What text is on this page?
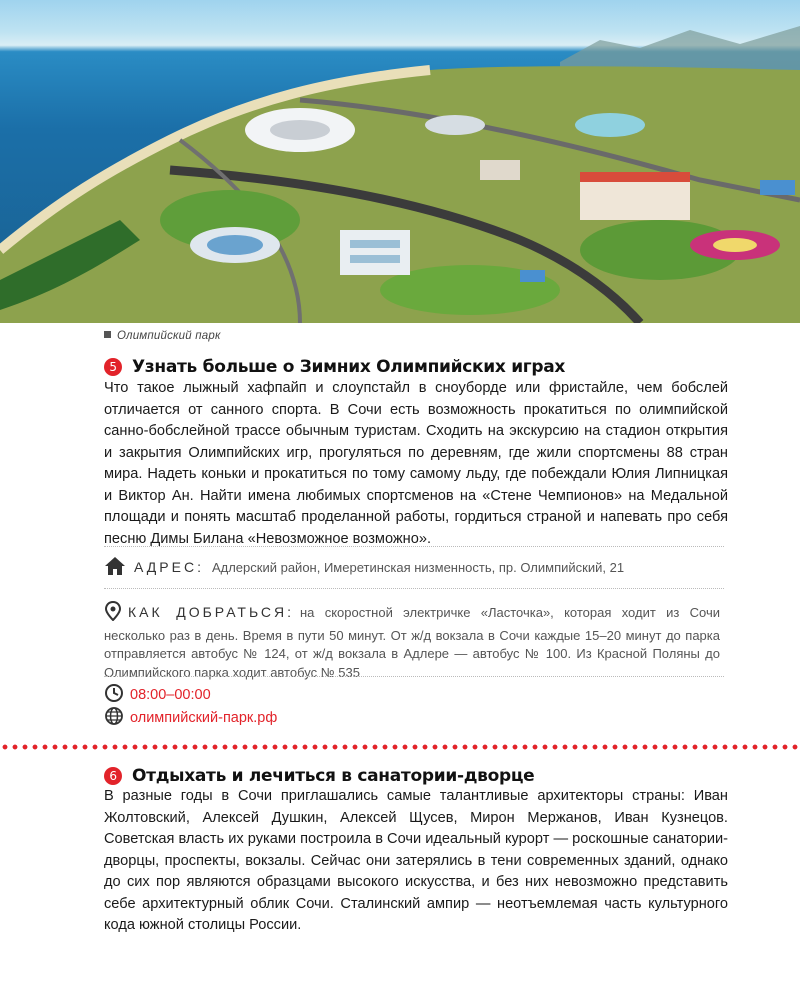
Олимпийский парк
5 Узнать больше о Зимних Олимпийских играх

Что такое лыжный хафпайп и слоупстайл в сноуборде или фристайле, чем бобслей отличается от санного спорта. В Сочи есть возможность прокатиться по олимпийской санно-бобслейной трассе обычным туристам. Сходить на экскурсию на стадион открытия и закрытия Олимпийских игр, прогуляться по деревням, где жили спортсмены 88 стран мира. Надеть коньки и прокатиться по тому самому льду, где побеждали Юлия Липницкая и Виктор Ан. Найти имена любимых спортсменов на «Стене Чемпионов» на Медальной площади и понять масштаб проделанной работы, гордиться страной и напевать про себя песню Димы Билана «Невозможное возможно».

АДРЕС: Адлерский район, Имеретинская низменность, пр. Олимпийский, 21
КАК ДОБРАТЬСЯ: на скоростной электричке «Ласточка», которая ходит из Сочи несколько раз в день. Время в пути 50 минут. От ж/д вокзала в Сочи каждые 15–20 минут до парка отправляется автобус № 124, от ж/д вокзала в Адлере — автобус № 100. Из Красной Поляны до Олимпийского парка ходит автобус № 535
08:00–00:00
олимпийский-парк.рф
6 Отдыхать и лечиться в санатории-дворце

В разные годы в Сочи приглашались самые талантливые архитекторы страны: Иван Жолтовский, Алексей Душкин, Алексей Щусев, Мирон Мержанов, Иван Кузнецов. Советская власть их руками построила в Сочи идеальный курорт — роскошные санатории-дворцы, проспекты, вокзалы. Сейчас они затерялись в тени современных зданий, однако до сих пор являются образцами высокого искусства, и без них невозможно представить себе архитектурный облик Сочи. Сталинский ампир — неотъемлемая часть культурного кода южной столицы России.
